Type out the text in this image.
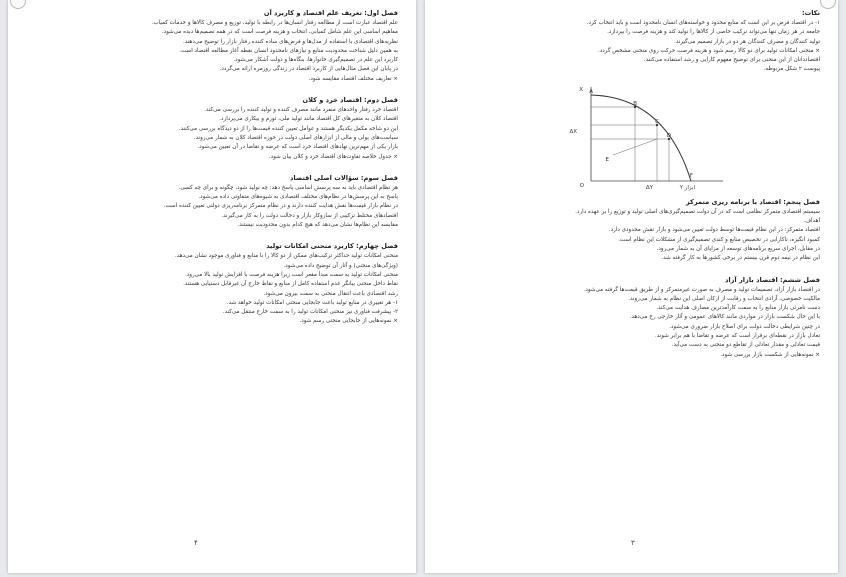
فصل اول: تعریف علم اقتصاد و کاربرد آن

علم اقتصاد عبارت است از مطالعه رفتار انسان‌ها در رابطه با تولید، توزیع و مصرف کالاها و خدمات کمیاب.

مفاهیم اساسی این علم شامل کمیابی، انتخاب و هزینه فرصت است که در همه تصمیم‌ها دیده می‌شود.

نظریه‌های اقتصادی با استفاده از مدل‌ها و فرض‌های ساده کننده رفتار بازار را توضیح می‌دهند.

به همین دلیل شناخت محدودیت منابع و نیازهای نامحدود انسان نقطه آغاز مطالعه اقتصاد است.

کاربرد این علم در تصمیم‌گیری خانوارها، بنگاه‌ها و دولت آشکار می‌شود.

در پایان این فصل مثال‌هایی از کاربرد اقتصاد در زندگی روزمره ارائه می‌گردد.

× تعاریف مختلف اقتصاد مقایسه شود.

فصل دوم: اقتصاد خرد و کلان

اقتصاد خرد رفتار واحدهای منفرد مانند مصرف کننده و تولید کننده را بررسی می‌کند.

اقتصاد کلان به متغیرهای کل اقتصاد مانند تولید ملی، تورم و بیکاری می‌پردازد.

این دو شاخه مکمل یکدیگر هستند و عوامل تعیین کننده قیمت‌ها را از دو دیدگاه بررسی می‌کنند.

سیاست‌های پولی و مالی از ابزارهای اصلی دولت در حوزه اقتصاد کلان به شمار می‌روند.

بازار یکی از مهم‌ترین نهادهای اقتصاد خرد است که عرضه و تقاضا در آن تعیین می‌شود.

× جدول خلاصه تفاوت‌های اقتصاد خرد و کلان بیان شود.

فصل سوم: سؤالات اصلی اقتصاد

هر نظام اقتصادی باید به سه پرسش اساسی پاسخ دهد: چه تولید شود، چگونه و برای چه کسی.

پاسخ به این پرسش‌ها در نظام‌های مختلف اقتصادی به شیوه‌های متفاوتی داده می‌شود.

در نظام بازار قیمت‌ها نقش هدایت کننده دارند و در نظام متمرکز برنامه‌ریزی دولتی تعیین کننده است.

اقتصادهای مختلط ترکیبی از سازوکار بازار و دخالت دولت را به کار می‌گیرند.

مقایسه این نظام‌ها نشان می‌دهد که هیچ کدام بدون محدودیت نیستند.

فصل چهارم: کاربرد منحنی امکانات تولید

منحنی امکانات تولید حداکثر ترکیب‌های ممکن از دو کالا را با منابع و فناوری موجود نشان می‌دهد.

(ویژگی‌های منحنی) و آثار آن توضیح داده می‌شود.

منحنی امکانات تولید به سمت مبدأ مقعر است زیرا هزینه فرصت با افزایش تولید بالا می‌رود.

نقاط داخل منحنی بیانگر عدم استفاده کامل از منابع و نقاط خارج آن غیرقابل دستیابی هستند.

رشد اقتصادی باعث انتقال منحنی به سمت بیرون می‌شود.

۱- هر تغییری در منابع تولید باعث جابجایی منحنی امکانات تولید خواهد شد.

۲- پیشرفت فناوری نیز منحنی امکانات تولید را به سمت خارج منتقل می‌کند.

× نمونه‌هایی از جابجایی منحنی رسم شود.

۴

نکات:

۱- در اقتصاد فرض بر این است که منابع محدود و خواسته‌های انسان نامحدود است و باید انتخاب کرد.

جامعه در هر زمان تنها می‌تواند ترکیب خاصی از کالاها را تولید کند و هزینه فرصت را بپردازد.

تولید کنندگان و مصرف کنندگان هر دو در بازار تصمیم می‌گیرند.

× منحنی امکانات تولید برای دو کالا رسم شود و هزینه فرصت حرکت روی منحنی مشخص گردد.

اقتصاددانان از این منحنی برای توضیح مفهوم کارایی و رشد استفاده می‌کنند.

پیوست ۲ شکل مربوطه.

X
ابزار Y
O
ΔX
ΔY
A
B
C
D
E
F

فصل پنجم: اقتصاد با برنامه ریزی متمرکز

سیستم اقتصادی متمرکز نظامی است که در آن دولت تصمیم‌گیری‌های اصلی تولید و توزیع را بر عهده دارد.

اهداف.

اقتصاد متمرکز: در این نظام قیمت‌ها توسط دولت تعیین می‌شود و بازار نقش محدودی دارد.

کمبود انگیزه، ناکارایی در تخصیص منابع و کندی تصمیم‌گیری از مشکلات این نظام است.

در مقابل، اجرای سریع برنامه‌های توسعه از مزایای آن به شمار می‌رود.

این نظام در نیمه دوم قرن بیستم در برخی کشورها به کار گرفته شد.

فصل ششم: اقتصاد بازار آزاد

در اقتصاد بازار آزاد، تصمیمات تولید و مصرف به صورت غیرمتمرکز و از طریق قیمت‌ها گرفته می‌شود.

مالکیت خصوصی، آزادی انتخاب و رقابت از ارکان اصلی این نظام به شمار می‌روند.

دست نامرئی بازار منابع را به سمت کارآمدترین مصارف هدایت می‌کند.

با این حال شکست بازار در مواردی مانند کالاهای عمومی و آثار خارجی رخ می‌دهد.

در چنین شرایطی دخالت دولت برای اصلاح بازار ضروری می‌شود.

تعادل بازار در نقطه‌ای برقرار است که عرضه و تقاضا با هم برابر شوند.

قیمت تعادلی و مقدار تعادلی از تقاطع دو منحنی به دست می‌آید.

× نمونه‌هایی از شکست بازار بررسی شود.

۳
